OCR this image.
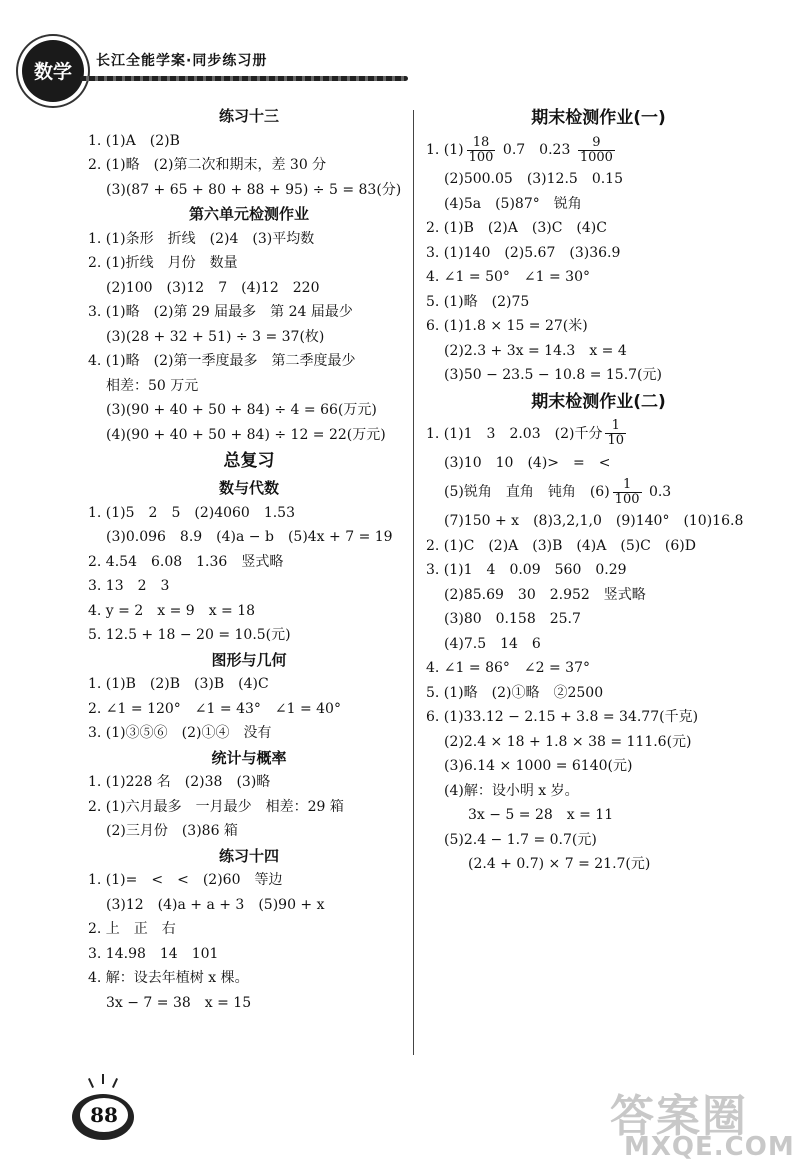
数学	长江全能学案·同步练习册
练习十三
1. (1)A　(2)B
2. (1)略　(2)第二次和期末，差 30 分
(3)(87 + 65 + 80 + 88 + 95) ÷ 5 = 83(分)
第六单元检测作业
1. (1)条形　折线　(2)4　(3)平均数
2. (1)折线　月份　数量
(2)100　(3)12　7　(4)12　220
3. (1)略　(2)第 29 届最多　第 24 届最少
(3)(28 + 32 + 51) ÷ 3 = 37(枚)
4. (1)略　(2)第一季度最多　第二季度最少
相差：50 万元
(3)(90 + 40 + 50 + 84) ÷ 4 = 66(万元)
(4)(90 + 40 + 50 + 84) ÷ 12 = 22(万元)
总复习
数与代数
1. (1)5　2　5　(2)4060　1.53
(3)0.096　8.9　(4)a − b　(5)4x + 7 = 19
2. 4.54　6.08　1.36　竖式略
3. 13　2　3
4. y = 2　x = 9　x = 18
5. 12.5 + 18 − 20 = 10.5(元)
图形与几何
1. (1)B　(2)B　(3)B　(4)C
2. ∠1 = 120°　∠1 = 43°　∠1 = 40°
3. (1)③⑤⑥　(2)①④　没有
统计与概率
1. (1)228 名　(2)38　(3)略
2. (1)六月最多　一月最少　相差：29 箱
(2)三月份　(3)86 箱
练习十四
1. (1)=　<　<　(2)60　等边
(3)12　(4)a + a + 3　(5)90 + x
2. 上　正　右
3. 14.98　14　101
4. 解：设去年植树 x 棵。
3x − 7 = 38　x = 15
期末检测作业(一)
1. $(1) \frac{18}{100} 0.7$　$0.23 \frac{9}{1000}$
(2)500.05　(3)12.5　0.15
(4)5a　(5)87°　锐角
2. (1)B　(2)A　(3)C　(4)C
3. (1)140　(2)5.67　(3)36.9
4. ∠1 = 50°　∠1 = 30°
5. (1)略　(2)75
6. (1)1.8 × 15 = 27(米)
(2)2.3 + 3x = 14.3　x = 4
(3)50 − 23.5 − 10.8 = 15.7(元)
期末检测作业(二)
1. (1)1　3　2.03　(2)千分 $\frac{1}{10}$
(3)10　10　(4)>　=　<
(5)锐角　直角　钝角　$(6) \frac{1}{100} 0.3$
(7)150 + x　(8)3,2,1,0　(9)140°　(10)16.8
2. (1)C　(2)A　(3)B　(4)A　(5)C　(6)D
3. (1)1　4　0.09　560　0.29
(2)85.69　30　2.952　竖式略
(3)80　0.158　25.7
(4)7.5　14　6
4. ∠1 = 86°　∠2 = 37°
5. (1)略　(2)①略　②2500
6. (1)33.12 − 2.15 + 3.8 = 34.77(千克)
(2)2.4 × 18 + 1.8 × 38 = 111.6(元)
(3)6.14 × 1000 = 6140(元)
(4)解：设小明 x 岁。
3x − 5 = 28　x = 11
(5)2.4 − 1.7 = 0.7(元)
(2.4 + 0.7) × 7 = 21.7(元)
88	答案圈
MXQE.COM
